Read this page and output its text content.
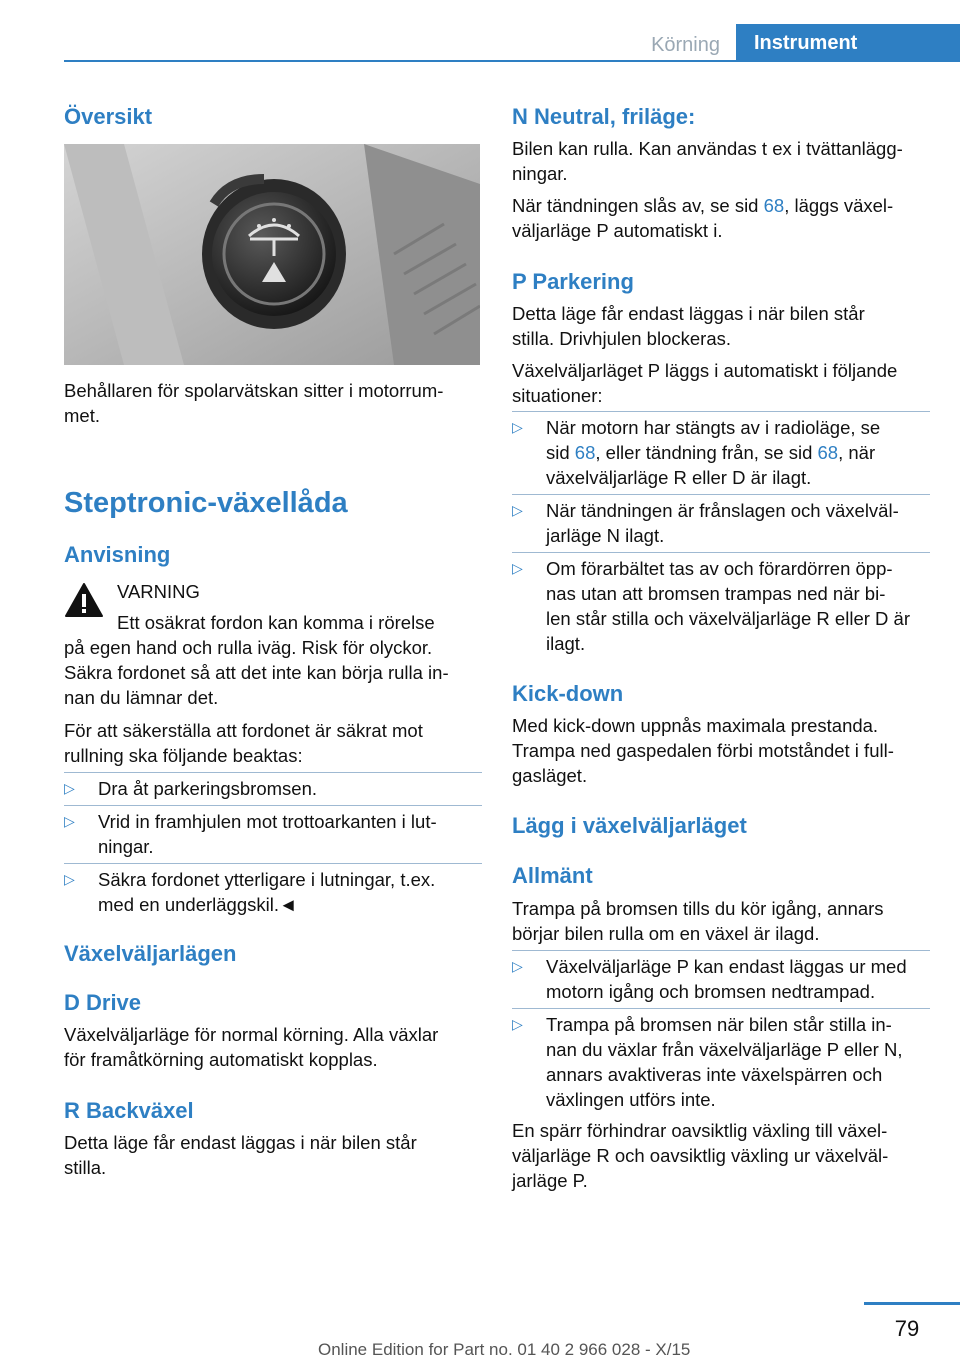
Körning	Instrument
Översikt
Behållaren för spolarvätskan sitter i motorrum‐
met.
Steptronic-växellåda
Anvisning
VARNING
Ett osäkrat fordon kan komma i rörelse
på egen hand och rulla iväg. Risk för olyckor.
Säkra fordonet så att det inte kan börja rulla in‐
nan du lämnar det.
För att säkerställa att fordonet är säkrat mot
rullning ska följande beaktas:
▷ Dra åt parkeringsbromsen.
▷ Vrid in framhjulen mot trottoarkanten i lut‐
ningar.
▷ Säkra fordonet ytterligare i lutningar, t.ex.
med en underläggskil.◄
Växelväljarlägen
D Drive
Växelväljarläge för normal körning. Alla växlar
för framåtkörning automatiskt kopplas.
R Backväxel
Detta läge får endast läggas i när bilen står
stilla.
N Neutral, friläge:
Bilen kan rulla. Kan användas t ex i tvättanlägg‐
ningar.
När tändningen slås av, se sid 68, läggs växel‐
väljarläge P automatiskt i.
P Parkering
Detta läge får endast läggas i när bilen står
stilla. Drivhjulen blockeras.
Växelväljarläget P läggs i automatiskt i följande
situationer:
▷ När motorn har stängts av i radioläge, se
sid 68, eller tändning från, se sid 68, när
växelväljarläge R eller D är ilagt.
▷ När tändningen är frånslagen och växelväl‐
jarläge N ilagt.
▷ Om förarbältet tas av och förardörren öpp‐
nas utan att bromsen trampas ned när bi‐
len står stilla och växelväljarläge R eller D är
ilagt.
Kick-down
Med kick-down uppnås maximala prestanda.
Trampa ned gaspedalen förbi motståndet i full‐
gasläget.
Lägg i växelväljarläget
Allmänt
Trampa på bromsen tills du kör igång, annars
börjar bilen rulla om en växel är ilagd.
▷ Växelväljarläge P kan endast läggas ur med
motorn igång och bromsen nedtrampad.
▷ Trampa på bromsen när bilen står stilla in‐
nan du växlar från växelväljarläge P eller N,
annars avaktiveras inte växelspärren och
växlingen utförs inte.
En spärr förhindrar oavsiktlig växling till växel‐
väljarläge R och oavsiktlig växling ur växelväl‐
jarläge P.
79
Online Edition for Part no. 01 40 2 966 028 - X/15
